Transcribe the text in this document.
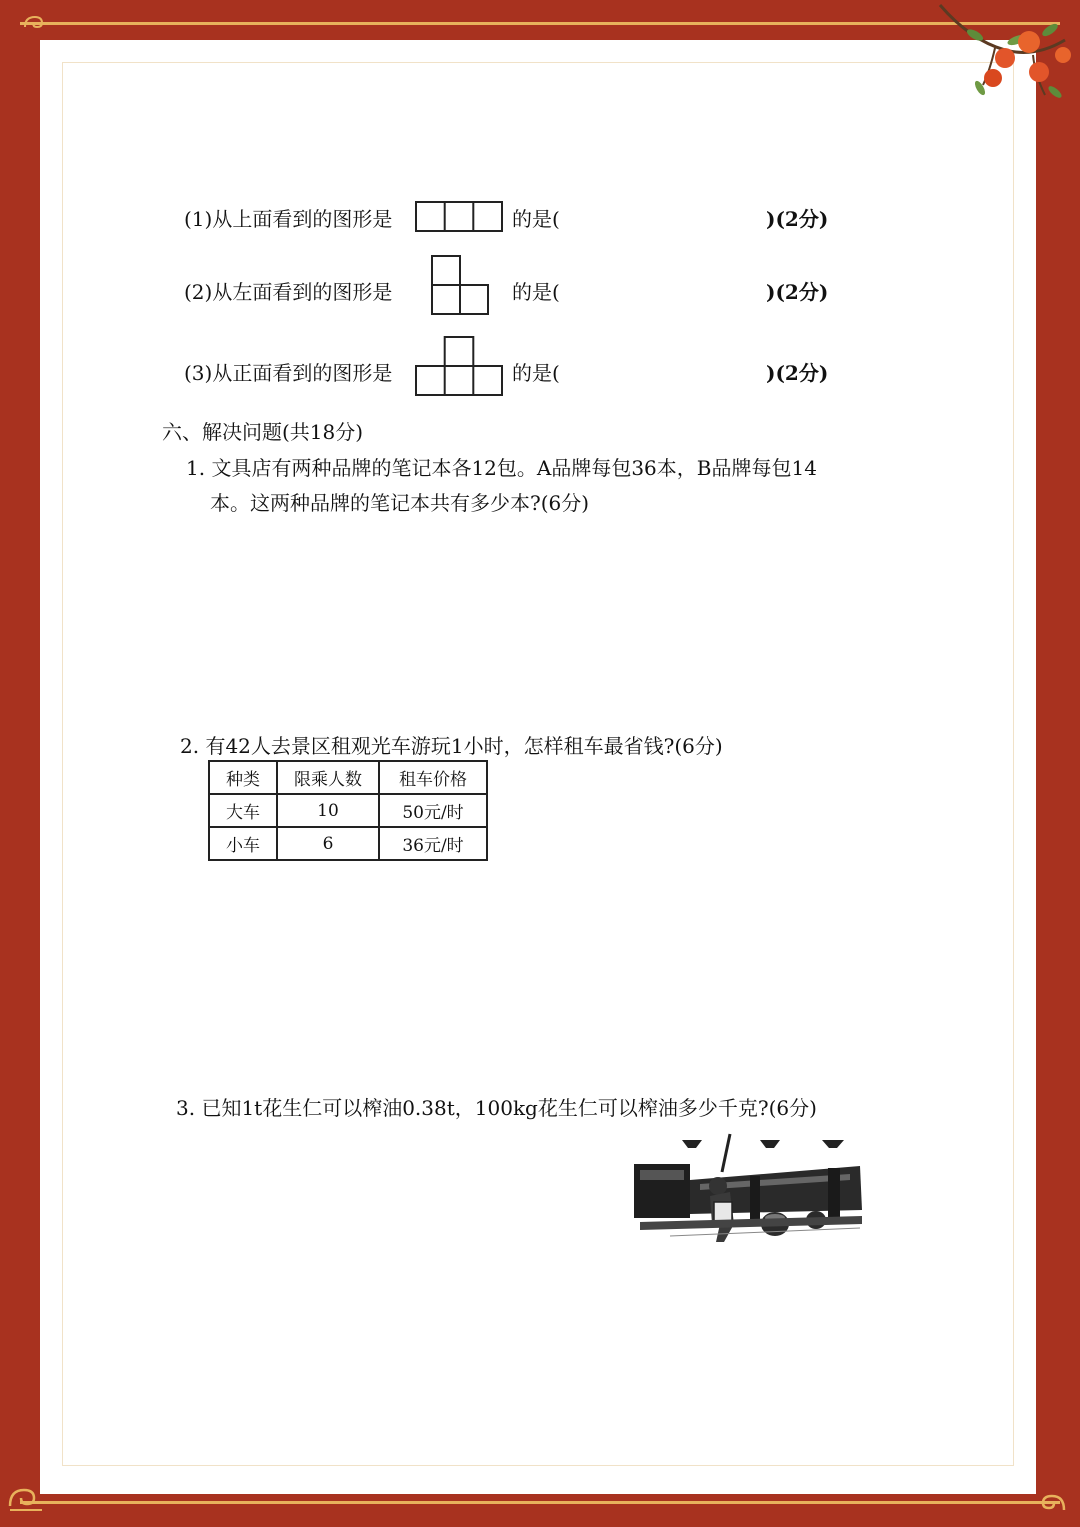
(1)从上面看到的图形是	的是(	)(2分)
(2)从左面看到的图形是	的是(	)(2分)
(3)从正面看到的图形是	的是(	)(2分)
六、解决问题(共18分)
1. 文具店有两种品牌的笔记本各12包。A品牌每包36本，B品牌每包14
本。这两种品牌的笔记本共有多少本?(6分)
2. 有42人去景区租观光车游玩1小时，怎样租车最省钱?(6分)
种类	限乘人数	租车价格
大车	10	50元/时
小车	6	36元/时
3. 已知1t花生仁可以榨油0.38t，100kg花生仁可以榨油多少千克?(6分)
